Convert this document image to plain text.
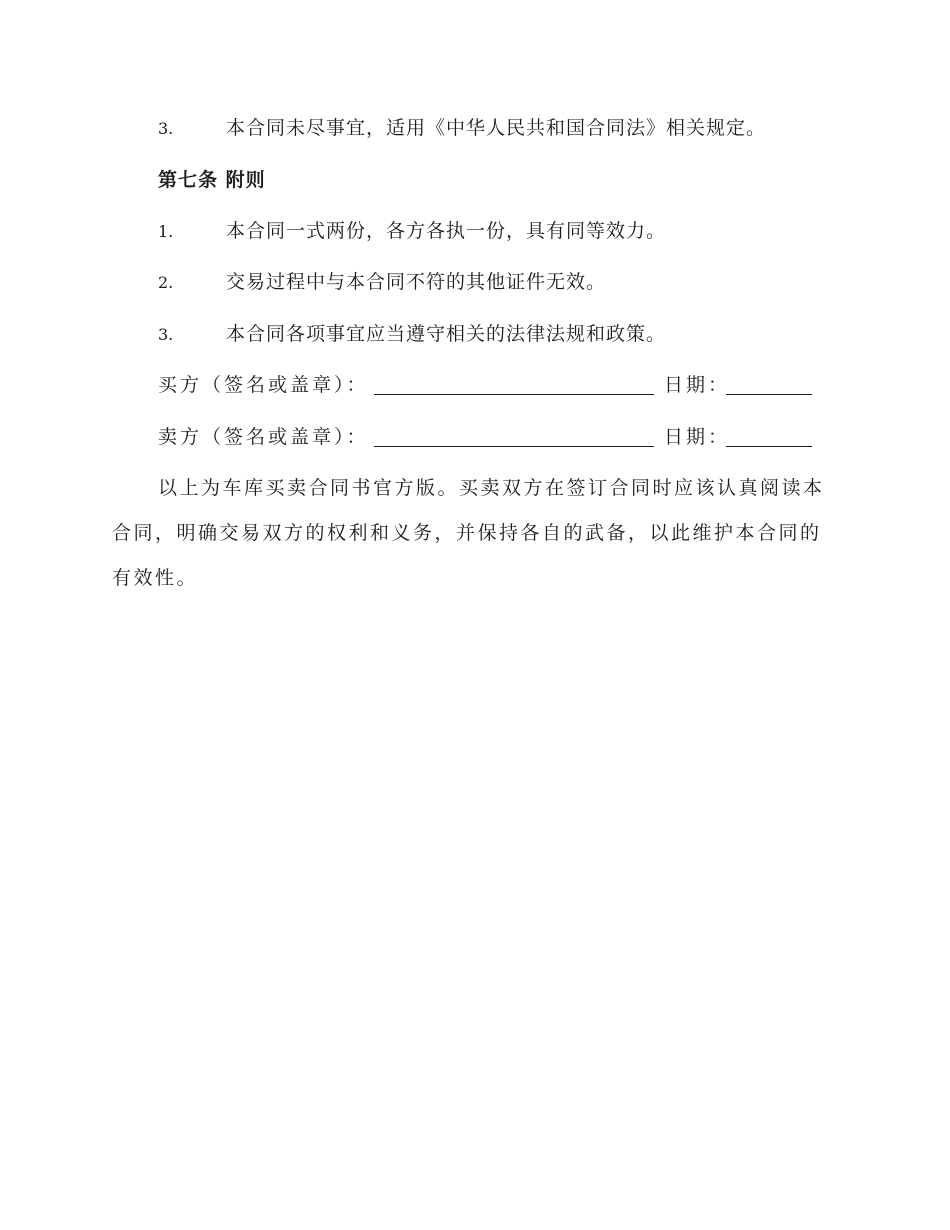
3.	本合同未尽事宜，适用《中华人民共和国合同法》相关规定。
第七条 附则
1.	本合同一式两份，各方各执一份，具有同等效力。
2.	交易过程中与本合同不符的其他证件无效。
3.	本合同各项事宜应当遵守相关的法律法规和政策。
买方（签名或盖章）：	日期：
卖方（签名或盖章）：	日期：

以上为车库买卖合同书官方版。买卖双方在签订合同时应该认真阅读本合同，明确交易双方的权利和义务，并保持各自的武备，以此维护本合同的有效性。
